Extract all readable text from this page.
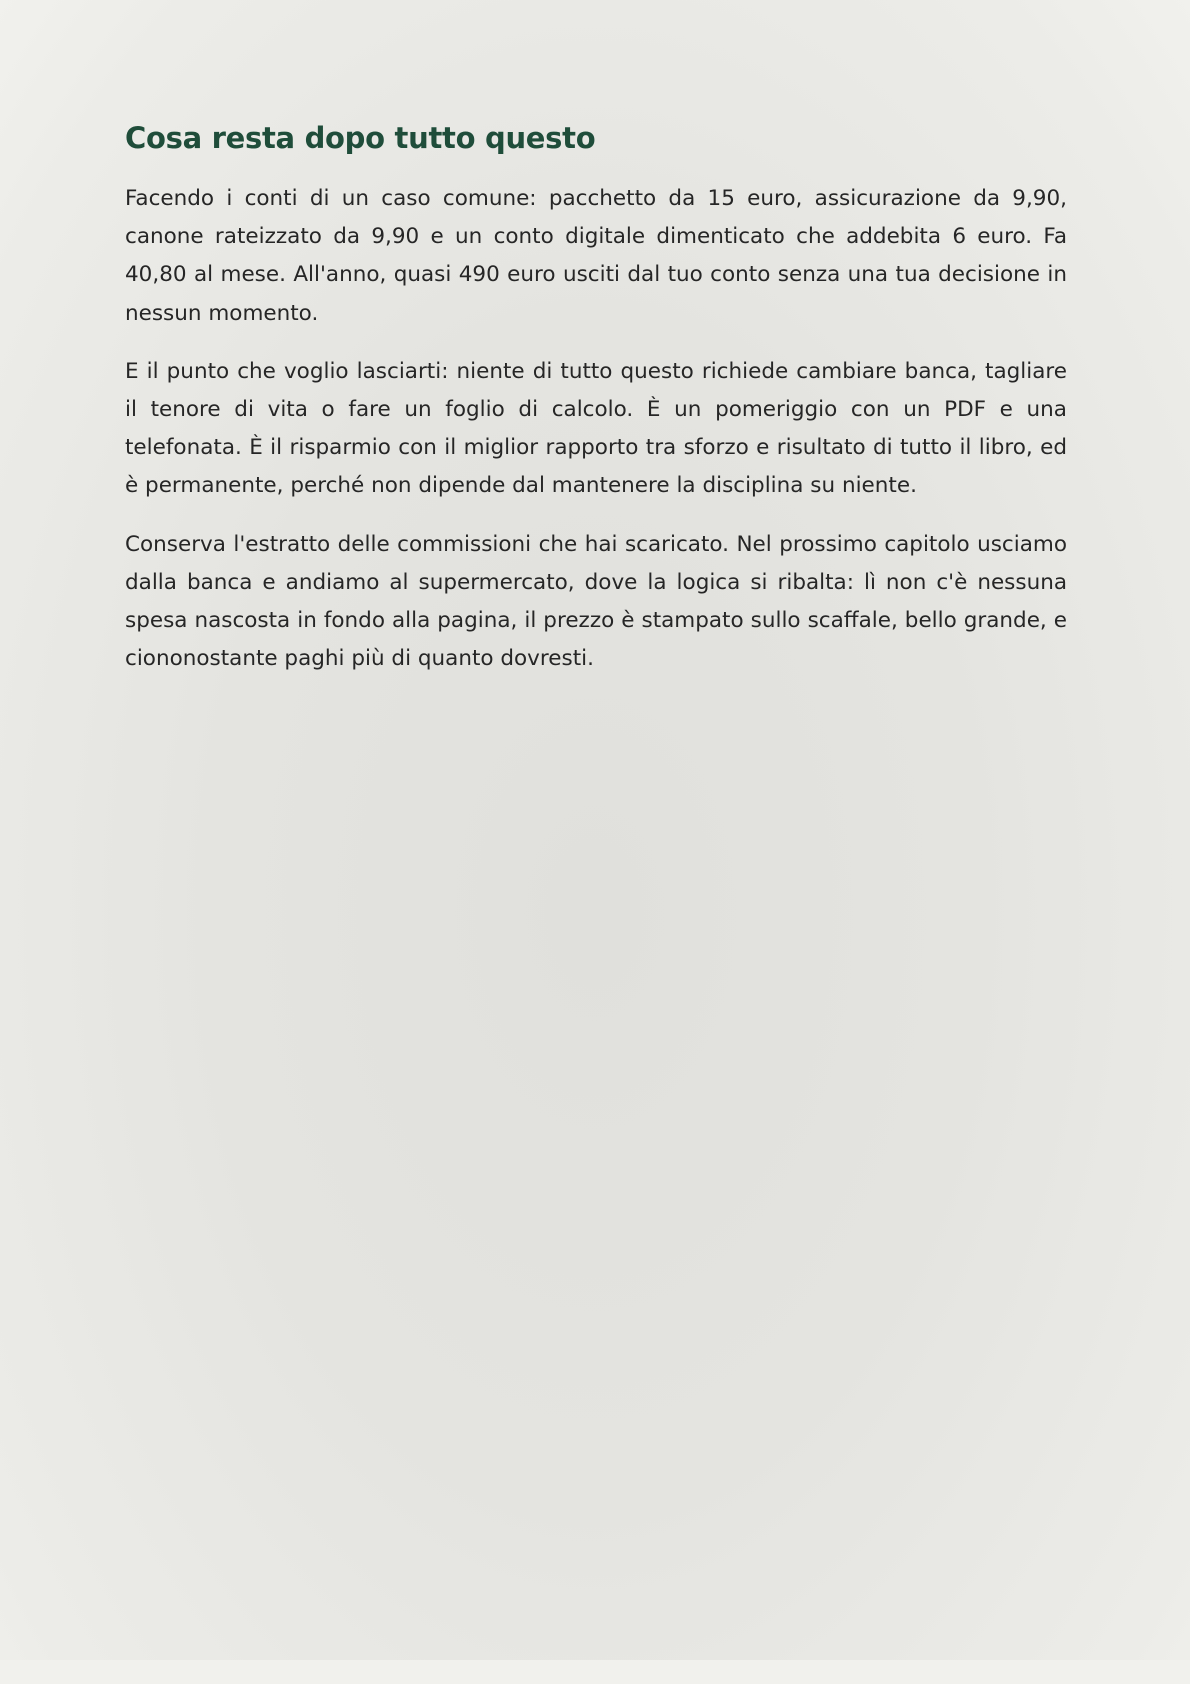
Cosa resta dopo tutto questo

Facendo i conti di un caso comune: pacchetto da 15 euro, assicurazione da 9,90, canone rateizzato da 9,90 e un conto digitale dimenticato che addebita 6 euro. Fa 40,80 al mese. All'anno, quasi 490 euro usciti dal tuo conto senza una tua decisione in nessun momento.

E il punto che voglio lasciarti: niente di tutto questo richiede cambiare banca, tagliare il tenore di vita o fare un foglio di calcolo. È un pomeriggio con un PDF e una telefonata. È il risparmio con il miglior rapporto tra sforzo e risultato di tutto il libro, ed è permanente, perché non dipende dal mantenere la disciplina su niente.

Conserva l'estratto delle commissioni che hai scaricato. Nel prossimo capitolo usciamo dalla banca e andiamo al supermercato, dove la logica si ribalta: lì non c'è nessuna spesa nascosta in fondo alla pagina, il prezzo è stampato sullo scaffale, bello grande, e ciononostante paghi più di quanto dovresti.
